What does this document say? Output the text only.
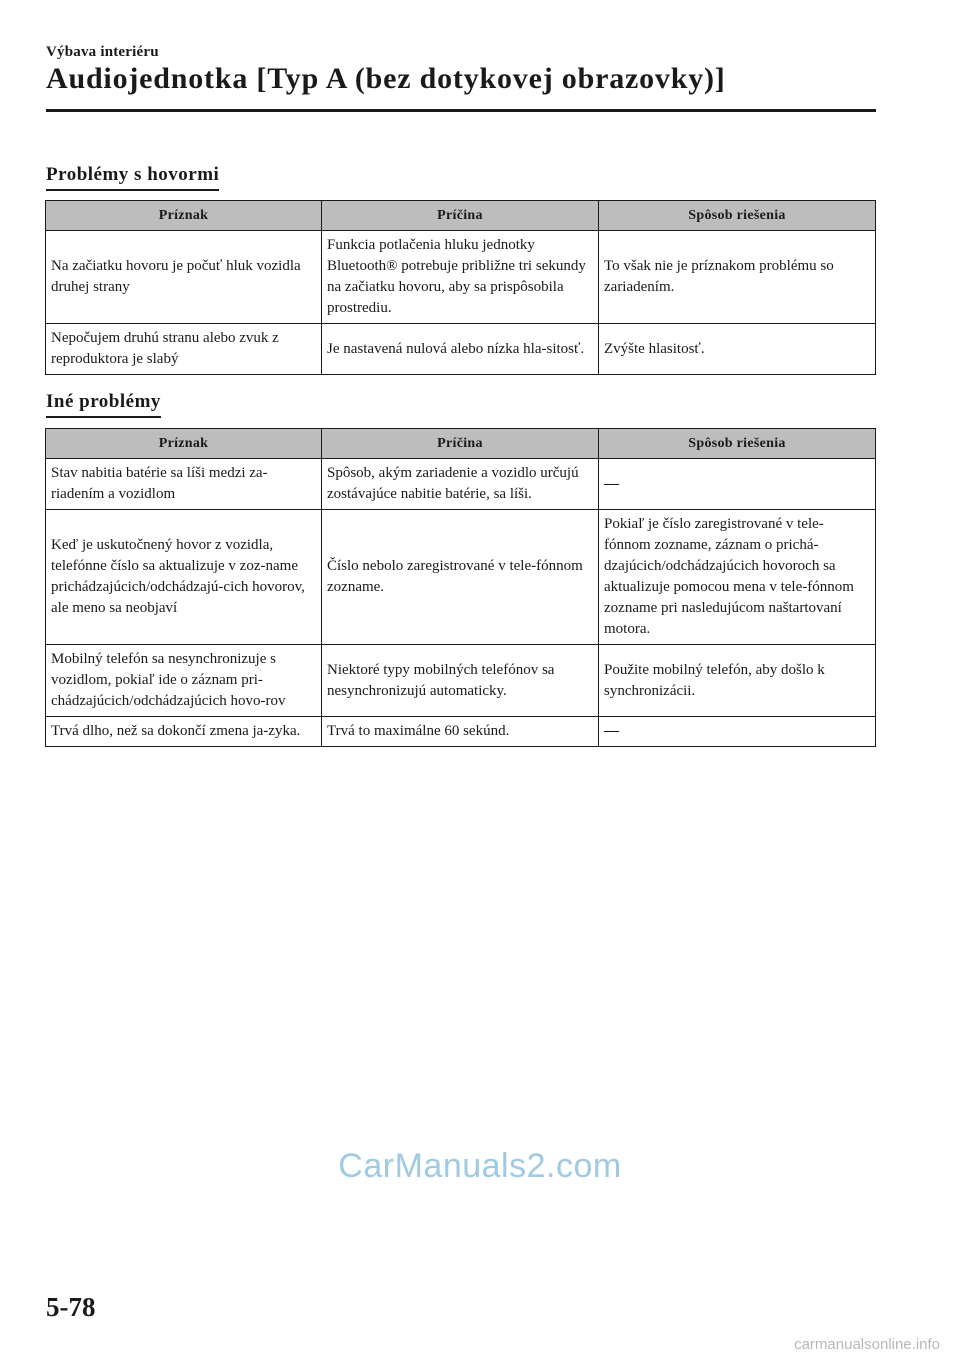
Výbava interiéru
Audiojednotka [Typ A (bez dotykovej obrazovky)]
Problémy s hovormi
Príznak	Príčina	Spôsob riešenia
Na začiatku hovoru je počuť hluk vozidla druhej strany	Funkcia potlačenia hluku jednotky Bluetooth® potrebuje približne tri sekundy na začiatku hovoru, aby sa prispôsobila prostrediu.	To však nie je príznakom problému so zariadením.
Nepočujem druhú stranu alebo zvuk z reproduktora je slabý	Je nastavená nulová alebo nízka hla-sitosť.	Zvýšte hlasitosť.
Iné problémy
Príznak	Príčina	Spôsob riešenia
Stav nabitia batérie sa líši medzi za-riadením a vozidlom	Spôsob, akým zariadenie a vozidlo určujú zostávajúce nabitie batérie, sa líši.	—
Keď je uskutočnený hovor z vozidla, telefónne číslo sa aktualizuje v zoz-name prichádzajúcich/odchádzajú-cich hovorov, ale meno sa neobjaví	Číslo nebolo zaregistrované v tele-fónnom zozname.	Pokiaľ je číslo zaregistrované v tele-fónnom zozname, záznam o prichá-dzajúcich/odchádzajúcich hovoroch sa aktualizuje pomocou mena v tele-fónnom zozname pri nasledujúcom naštartovaní motora.
Mobilný telefón sa nesynchronizuje s vozidlom, pokiaľ ide o záznam pri-chádzajúcich/odchádzajúcich hovo-rov	Niektoré typy mobilných telefónov sa nesynchronizujú automaticky.	Použite mobilný telefón, aby došlo k synchronizácii.
Trvá dlho, než sa dokončí zmena ja-zyka.	Trvá to maximálne 60 sekúnd.	—
CarManuals2.com
5-78
carmanualsonline.info
